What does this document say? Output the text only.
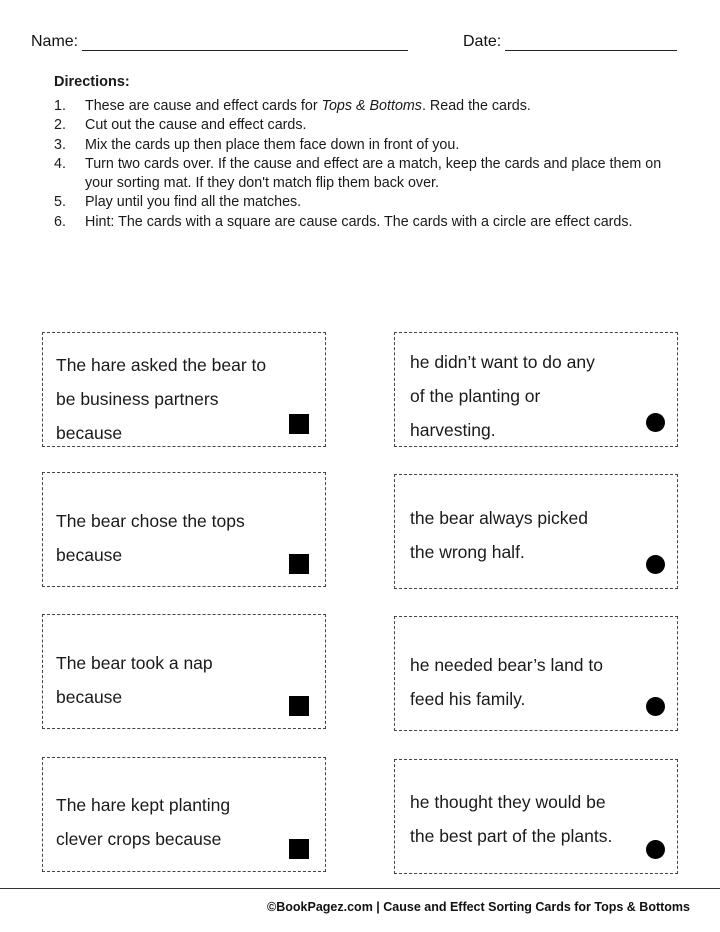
Name:	Date:
Directions:
1.	These are cause and effect cards for Tops & Bottoms. Read the cards.
2.	Cut out the cause and effect cards.
3.	Mix the cards up then place them face down in front of you.
4.	Turn two cards over. If the cause and effect are a match, keep the cards and place them on your sorting mat. If they don't match flip them back over.
5.	Play until you find all the matches.
6.	Hint: The cards with a square are cause cards. The cards with a circle are effect cards.
The hare asked the bear to
be business partners
because
he didn’t want to do any
of the planting or
harvesting.
The bear chose the tops
because
the bear always picked
the wrong half.
The bear took a nap
because
he needed bear’s land to
feed his family.
The hare kept planting
clever crops because
he thought they would be
the best part of the plants.
©BookPagez.com | Cause and Effect Sorting Cards for Tops & Bottoms
